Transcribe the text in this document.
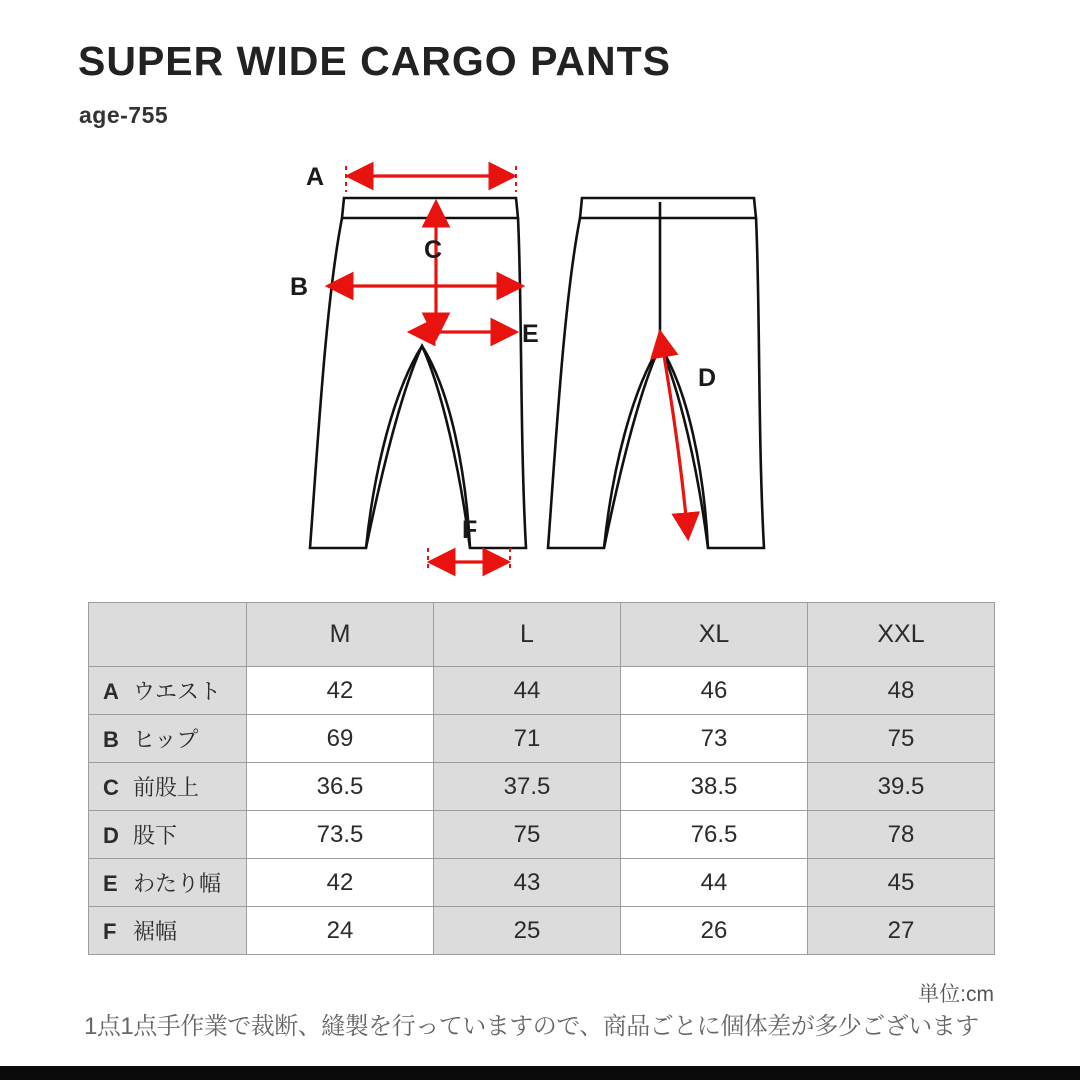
SUPER WIDE CARGO PANTS
age-755
A
B
C
E
F
D
	M	L	XL	XXL
A ウエスト	42	44	46	48
B ヒップ	69	71	73	75
C 前股上	36.5	37.5	38.5	39.5
D 股下	73.5	75	76.5	78
E わたり幅	42	43	44	45
F 裾幅	24	25	26	27
単位:cm
1点1点手作業で裁断、縫製を行っていますので、商品ごとに個体差が多少ございます
